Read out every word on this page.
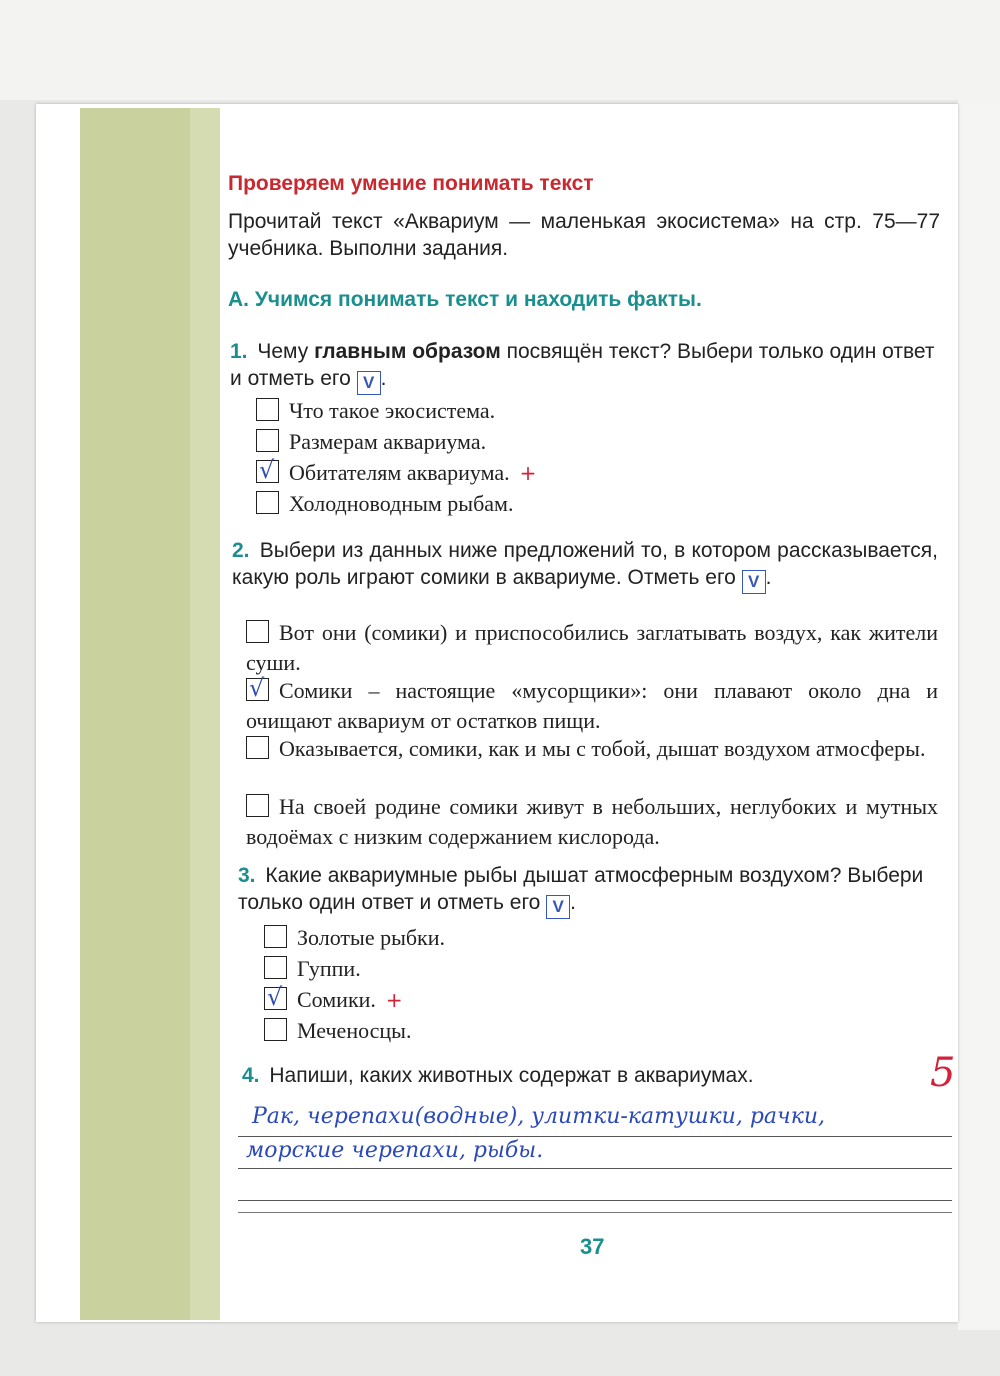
Проверяем умение понимать текст
Прочитай текст «Аквариум — маленькая экосистема» на стр. 75—77 учебника. Выполни задания.
А. Учимся понимать текст и находить факты.
1. Чему главным образом посвящён текст? Выбери только один ответ и отметь его V .
Что такое экосистема.
Размерам аквариума.
√ Обитателям аквариума. +
Холодноводным рыбам.
2. Выбери из данных ниже предложений то, в котором рассказывается, какую роль играют сомики в аквариуме. Отметь его V .
Вот они (сомики) и приспособились заглатывать воздух, как жители суши.
√ Сомики – настоящие «мусорщики»: они плавают около дна и очищают аквариум от остатков пищи.
Оказывается, сомики, как и мы с тобой, дышат воздухом атмосферы.
На своей родине сомики живут в небольших, неглубоких и мутных водоёмах с низким содержанием кислорода.
3. Какие аквариумные рыбы дышат атмосферным воздухом? Выбери только один ответ и отметь его V .
Золотые рыбки.
Гуппи.
√ Сомики. +
Меченосцы.
4. Напиши, каких животных содержат в аквариумах.
Рак, черепахи(водные), улитки-катушки, рачки,
морские черепахи, рыбы.
5
37
